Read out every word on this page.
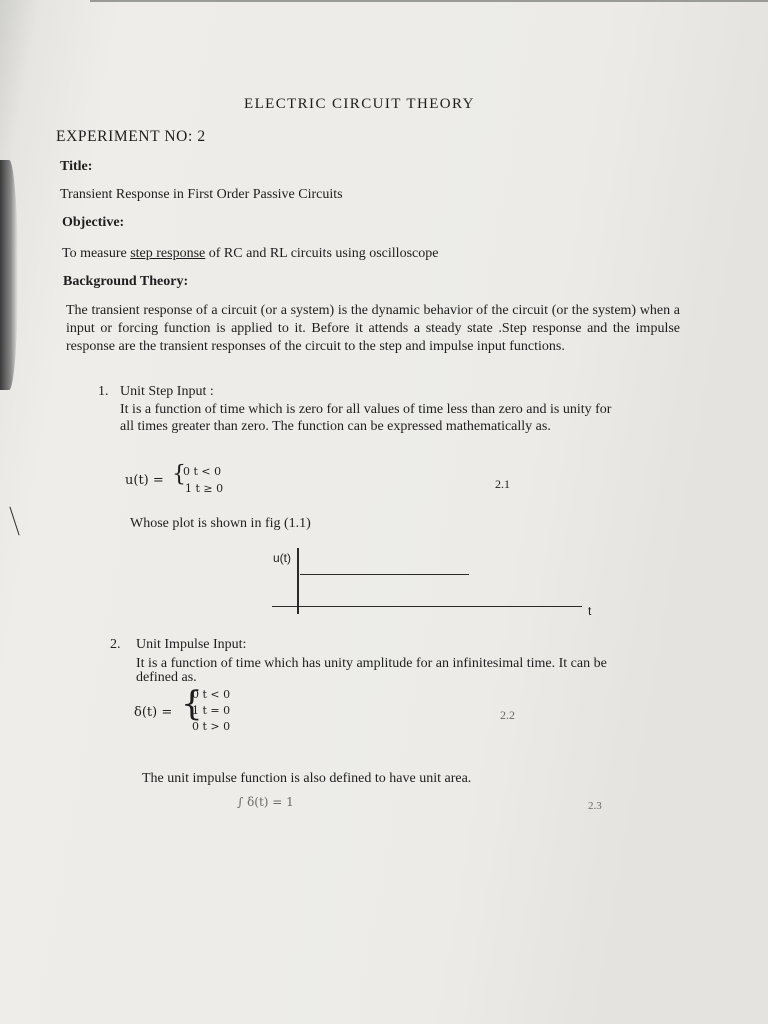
ELECTRIC CIRCUIT THEORY
EXPERIMENT NO: 2
Title:
Transient Response in First Order Passive Circuits
Objective:
To measure step response of RC and RL circuits using oscilloscope
Background Theory:
The transient response of a circuit (or a system) is the dynamic behavior of the circuit (or the system) when a input or forcing function is applied to it. Before it attends a steady state .Step response and the impulse response are the transient responses of the circuit to the step and impulse input functions.
1. Unit Step Input :
It is a function of time which is zero for all values of time less than zero and is unity for
all times greater than zero. The function can be expressed mathematically as.
u(t) = {
0 t < 0
1 t ≥ 0	2.1
Whose plot is shown in fig (1.1)
u(t)
t
2. Unit Impulse Input:
It is a function of time which has unity amplitude for an infinitesimal time. It can be
defined as.
δ(t) = {
0 t < 0
1 t = 0
0 t > 0
2.2
The unit impulse function is also defined to have unit area.
∫ δ(t) = 1	2.3
